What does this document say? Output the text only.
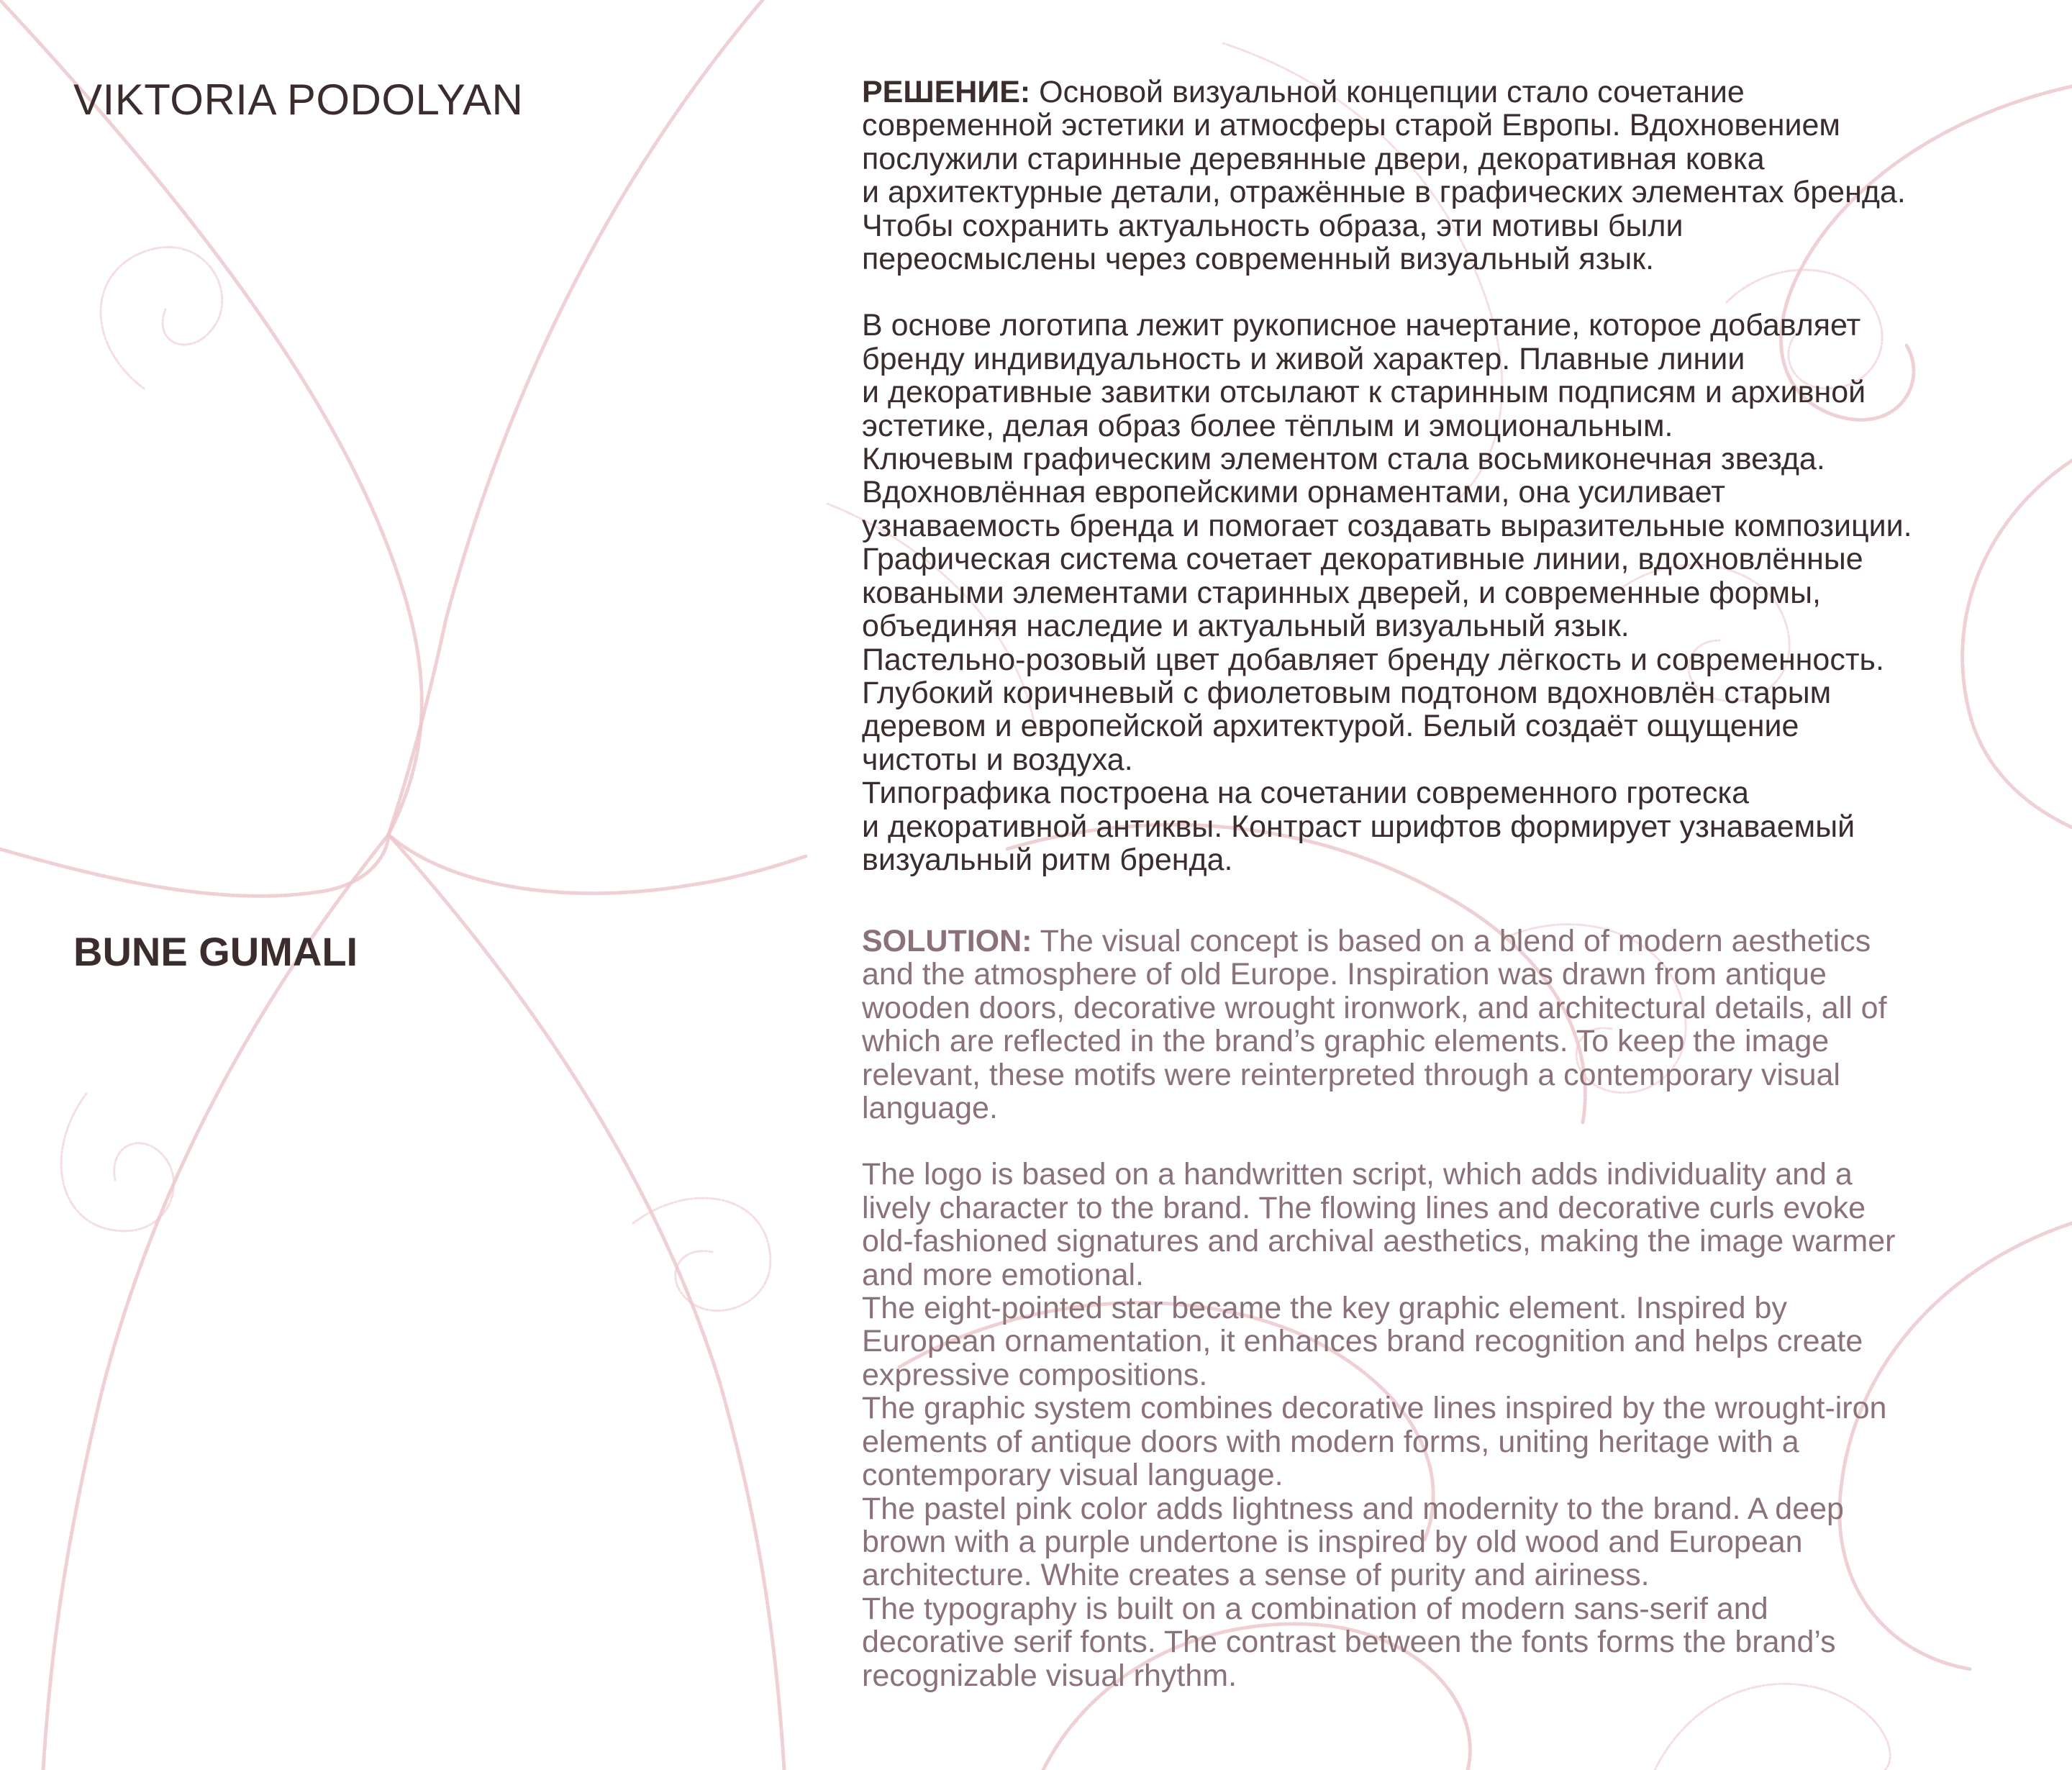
VIKTORIA PODOLYAN
BUNE GUMALI

РЕШЕНИЕ: Основой визуальной концепции стало сочетание
современной эстетики и атмосферы старой Европы. Вдохновением
послужили старинные деревянные двери, декоративная ковка
и архитектурные детали, отражённые в графических элементах бренда.
Чтобы сохранить актуальность образа, эти мотивы были
переосмыслены через современный визуальный язык.

В основе логотипа лежит рукописное начертание, которое добавляет
бренду индивидуальность и живой характер. Плавные линии
и декоративные завитки отсылают к старинным подписям и архивной
эстетике, делая образ более тёплым и эмоциональным.
Ключевым графическим элементом стала восьмиконечная звезда.
Вдохновлённая европейскими орнаментами, она усиливает
узнаваемость бренда и помогает создавать выразительные композиции.
Графическая система сочетает декоративные линии, вдохновлённые
коваными элементами старинных дверей, и современные формы,
объединяя наследие и актуальный визуальный язык.
Пастельно-розовый цвет добавляет бренду лёгкость и современность.
Глубокий коричневый с фиолетовым подтоном вдохновлён старым
деревом и европейской архитектурой. Белый создаёт ощущение
чистоты и воздуха.
Типографика построена на сочетании современного гротеска
и декоративной антиквы. Контраст шрифтов формирует узнаваемый
визуальный ритм бренда.

SOLUTION: The visual concept is based on a blend of modern aesthetics
and the atmosphere of old Europe. Inspiration was drawn from antique
wooden doors, decorative wrought ironwork, and architectural details, all of
which are reflected in the brand’s graphic elements. To keep the image
relevant, these motifs were reinterpreted through a contemporary visual
language.

The logo is based on a handwritten script, which adds individuality and a
lively character to the brand. The flowing lines and decorative curls evoke
old-fashioned signatures and archival aesthetics, making the image warmer
and more emotional.
The eight-pointed star became the key graphic element. Inspired by
European ornamentation, it enhances brand recognition and helps create
expressive compositions.
The graphic system combines decorative lines inspired by the wrought-iron
elements of antique doors with modern forms, uniting heritage with a
contemporary visual language.
The pastel pink color adds lightness and modernity to the brand. A deep
brown with a purple undertone is inspired by old wood and European
architecture. White creates a sense of purity and airiness.
The typography is built on a combination of modern sans-serif and
decorative serif fonts. The contrast between the fonts forms the brand’s
recognizable visual rhythm.
